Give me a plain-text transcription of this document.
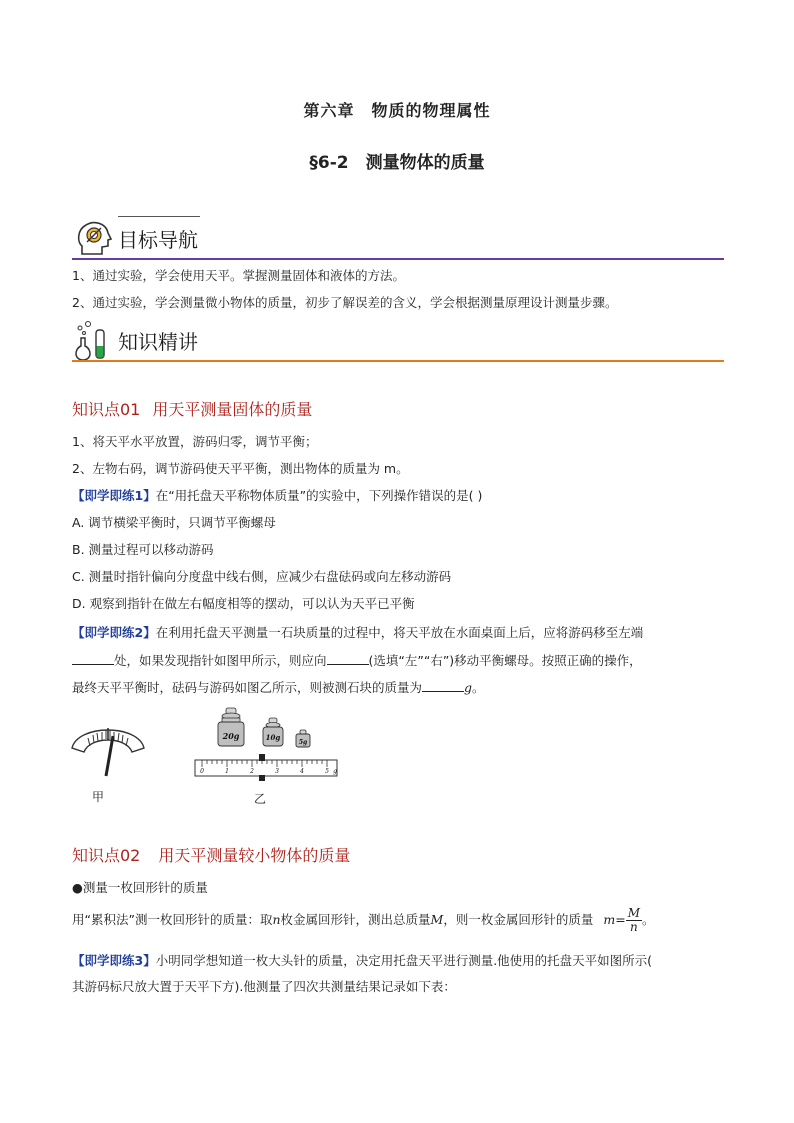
第六章　物质的物理属性
§6-2　测量物体的质量
目标导航
1、通过实验，学会使用天平。掌握测量固体和液体的方法。
2、通过实验，学会测量微小物体的质量，初步了解误差的含义，学会根据测量原理设计测量步骤。
知识精讲
知识点01 用天平测量固体的质量
1、将天平水平放置，游码归零，调节平衡；
2、左物右码，调节游码使天平平衡，测出物体的质量为 m。
【即学即练1】在“用托盘天平称物体质量”的实验中，下列操作错误的是( )
A. 调节横梁平衡时，只调节平衡螺母
B. 测量过程可以移动游码
C. 测量时指针偏向分度盘中线右侧，应减少右盘砝码或向左移动游码
D. 观察到指针在做左右幅度相等的摆动，可以认为天平已平衡
【即学即练2】在利用托盘天平测量一石块质量的过程中，将天平放在水面桌面上后，应将游码移至左端
处，如果发现指针如图甲所示，则应向	(选填“左”“右”)移动平衡螺母。按照正确的操作，
最终天平平衡时，砝码与游码如图乙所示，则被测石块的质量为	g。
甲
20g	10g
5g
0	1	2	3	4	5 g
乙
知识点02 用天平测量较小物体的质量
●测量一枚回形针的质量
用“累积法”测一枚回形针的质量：取n枚金属回形针，测出总质量M，则一枚金属回形针的质量 $m= \frac{M}{n}$ 。
【即学即练3】小明同学想知道一枚大头针的质量，决定用托盘天平进行测量.他使用的托盘天平如图所示(
其游码标尺放大置于天平下方).他测量了四次共测量结果记录如下表：
